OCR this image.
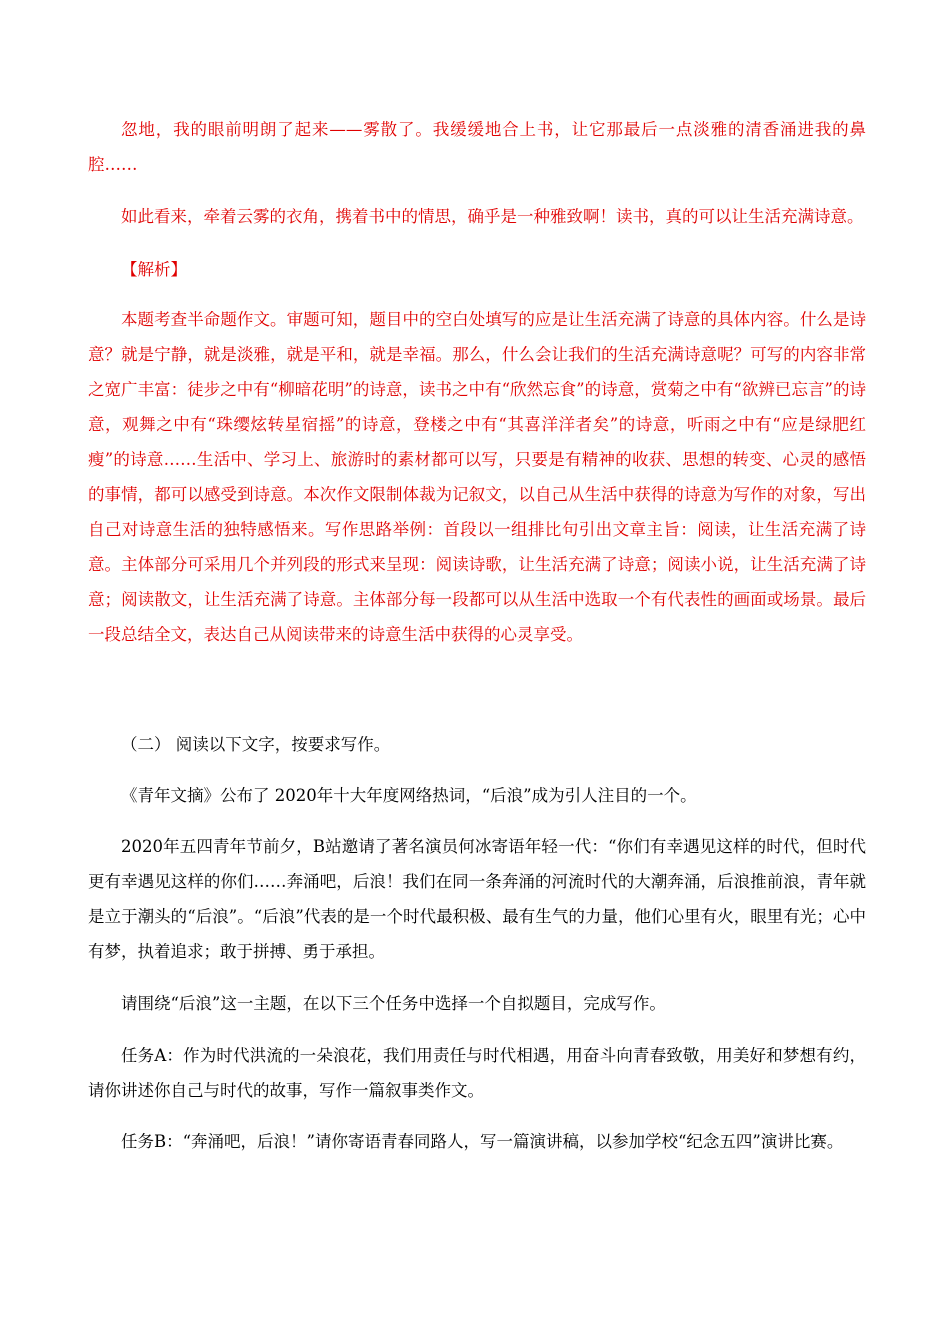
忽地，我的眼前明朗了起来——雾散了。我缓缓地合上书，让它那最后一点淡雅的清香涌进我的鼻腔……

如此看来，牵着云雾的衣角，携着书中的情思，确乎是一种雅致啊！读书，真的可以让生活充满诗意。

【解析】

本题考查半命题作文。审题可知，题目中的空白处填写的应是让生活充满了诗意的具体内容。什么是诗意？就是宁静，就是淡雅，就是平和，就是幸福。那么，什么会让我们的生活充满诗意呢？可写的内容非常之宽广丰富：徒步之中有“柳暗花明”的诗意，读书之中有“欣然忘食”的诗意，赏菊之中有“欲辨已忘言”的诗意，观舞之中有“珠缨炫转星宿摇”的诗意，登楼之中有“其喜洋洋者矣”的诗意，听雨之中有“应是绿肥红瘦”的诗意……生活中、学习上、旅游时的素材都可以写，只要是有精神的收获、思想的转变、心灵的感悟的事情，都可以感受到诗意。本次作文限制体裁为记叙文，以自己从生活中获得的诗意为写作的对象，写出自己对诗意生活的独特感悟来。写作思路举例：首段以一组排比句引出文章主旨：阅读，让生活充满了诗意。主体部分可采用几个并列段的形式来呈现：阅读诗歌，让生活充满了诗意；阅读小说，让生活充满了诗意；阅读散文，让生活充满了诗意。主体部分每一段都可以从生活中选取一个有代表性的画面或场景。最后一段总结全文，表达自己从阅读带来的诗意生活中获得的心灵享受。

（二） 阅读以下文字，按要求写作。

《青年文摘》公布了 2020年十大年度网络热词，“后浪”成为引人注目的一个。

2020年五四青年节前夕，B站邀请了著名演员何冰寄语年轻一代：“你们有幸遇见这样的时代，但时代更有幸遇见这样的你们……奔涌吧，后浪！我们在同一条奔涌的河流时代的大潮奔涌，后浪推前浪，青年就是立于潮头的“后浪”。“后浪”代表的是一个时代最积极、最有生气的力量，他们心里有火，眼里有光；心中有梦，执着追求；敢于拼搏、勇于承担。

请围绕“后浪”这一主题，在以下三个任务中选择一个自拟题目，完成写作。

任务A：作为时代洪流的一朵浪花，我们用责任与时代相遇，用奋斗向青春致敬，用美好和梦想有约，请你讲述你自己与时代的故事，写作一篇叙事类作文。

任务B：“奔涌吧，后浪！”请你寄语青春同路人，写一篇演讲稿，以参加学校“纪念五四”演讲比赛。
